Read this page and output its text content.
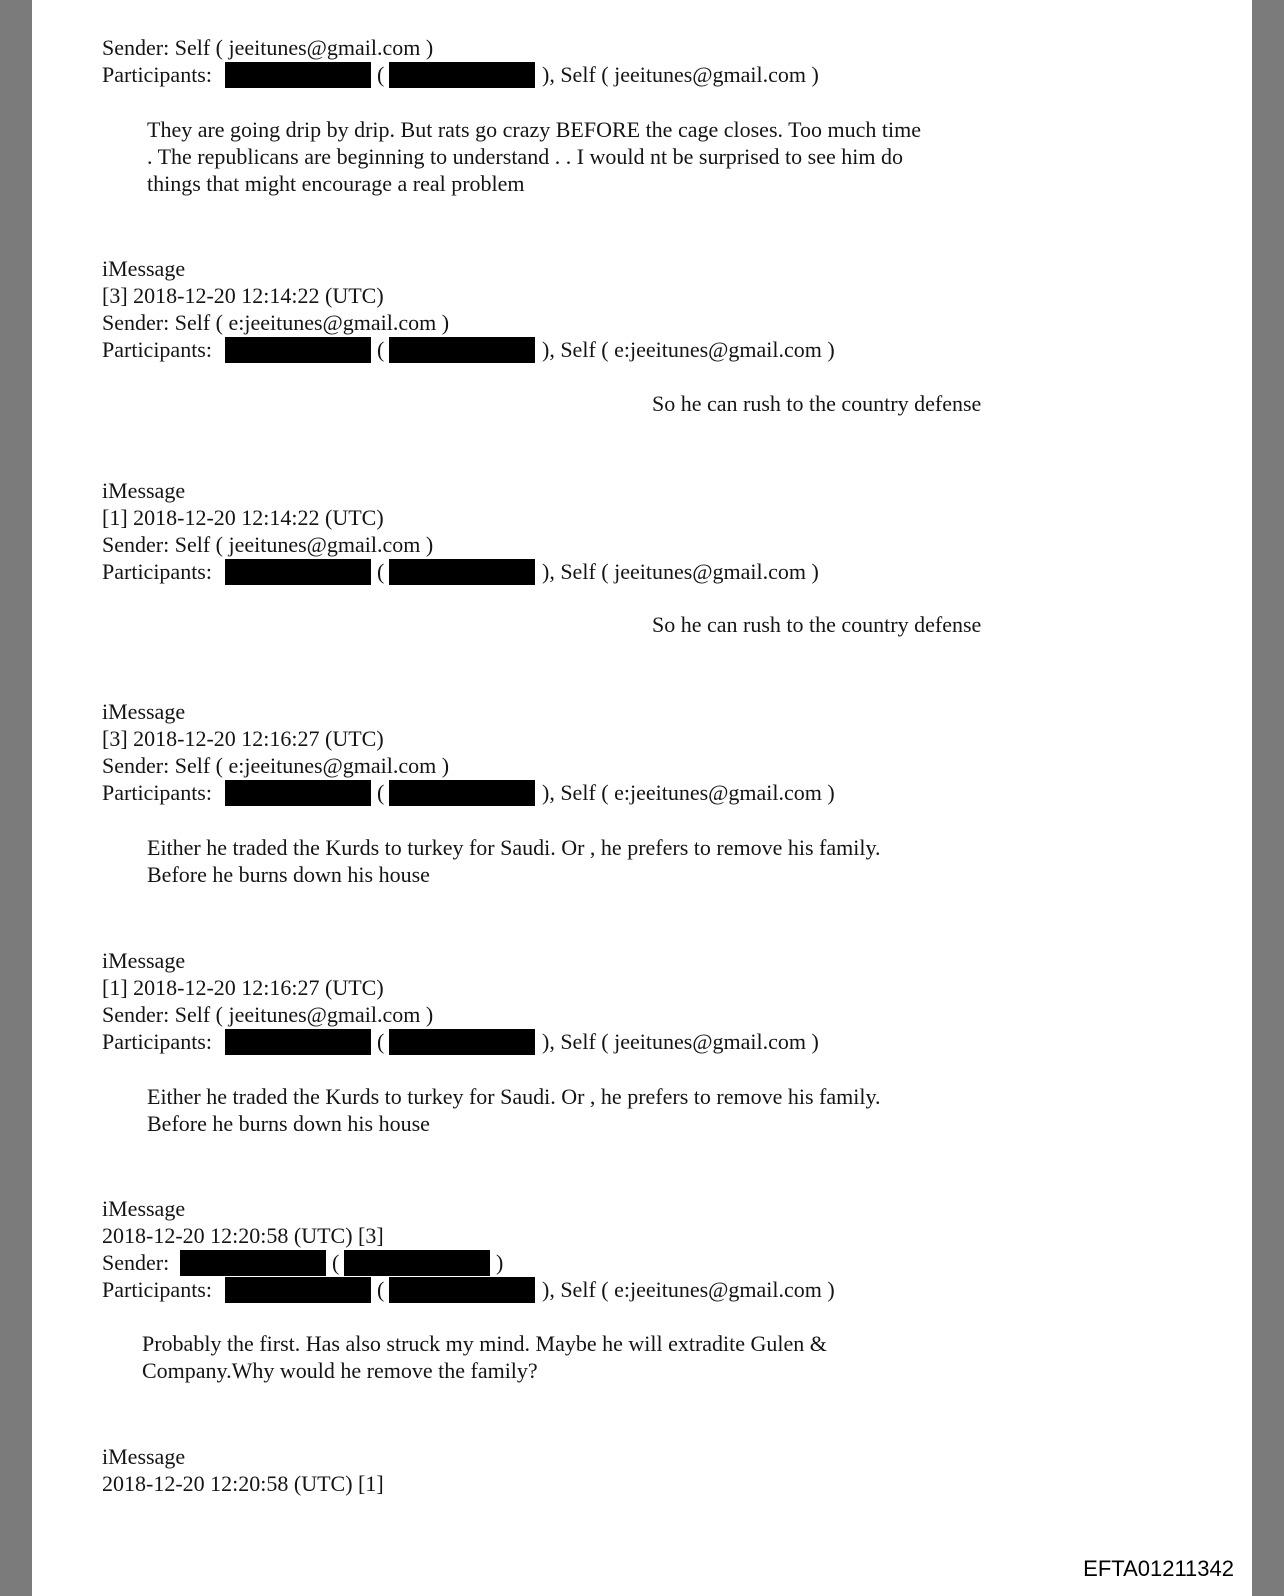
Sender: Self ( jeeitunes@gmail.com )
Participants:	(	), Self ( jeeitunes@gmail.com )
They are going drip by drip. But rats go crazy BEFORE the cage closes. Too much time
. The republicans are beginning to understand . . I would nt be surprised to see him do
things that might encourage a real problem
iMessage
[3] 2018-12-20 12:14:22 (UTC)
Sender: Self ( e:jeeitunes@gmail.com )
Participants:	(	), Self ( e:jeeitunes@gmail.com )
So he can rush to the country defense
iMessage
[1] 2018-12-20 12:14:22 (UTC)
Sender: Self ( jeeitunes@gmail.com )
Participants:	(	), Self ( jeeitunes@gmail.com )
So he can rush to the country defense
iMessage
[3] 2018-12-20 12:16:27 (UTC)
Sender: Self ( e:jeeitunes@gmail.com )
Participants:	(	), Self ( e:jeeitunes@gmail.com )
Either he traded the Kurds to turkey for Saudi. Or , he prefers to remove his family.
Before he burns down his house
iMessage
[1] 2018-12-20 12:16:27 (UTC)
Sender: Self ( jeeitunes@gmail.com )
Participants:	(	), Self ( jeeitunes@gmail.com )
Either he traded the Kurds to turkey for Saudi. Or , he prefers to remove his family.
Before he burns down his house
iMessage
2018-12-20 12:20:58 (UTC) [3]
Sender:	(	)
Participants:	(	), Self ( e:jeeitunes@gmail.com )
Probably the first. Has also struck my mind. Maybe he will extradite Gulen &
Company.Why would he remove the family?
iMessage
2018-12-20 12:20:58 (UTC) [1]
EFTA01211342
